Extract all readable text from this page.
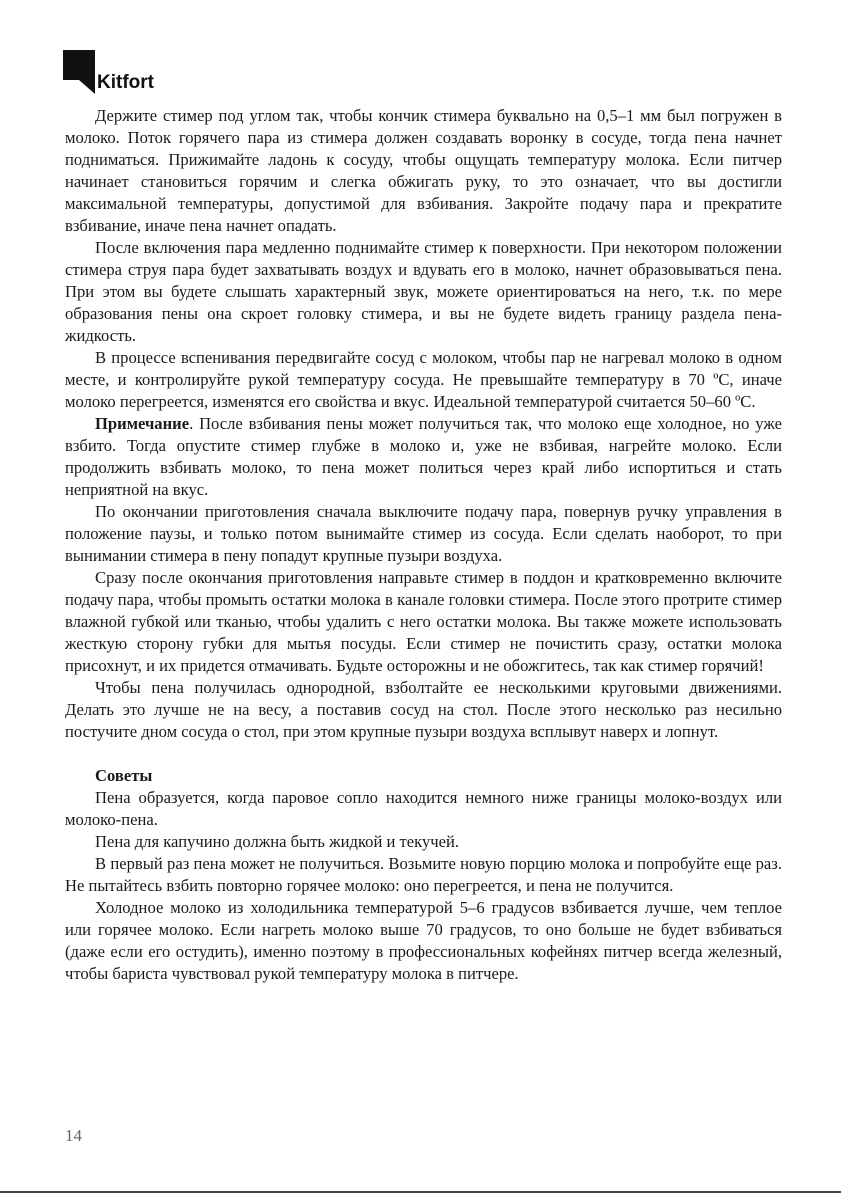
Kitfort

Держите стимер под углом так, чтобы кончик стимера буквально на 0,5–1 мм был погружен в молоко. Поток горячего пара из стимера должен создавать воронку в сосуде, тогда пена начнет подниматься. Прижимайте ладонь к сосуду, чтобы ощущать температуру молока. Если питчер начинает становиться горячим и слегка обжигать руку, то это означает, что вы достигли максимальной температуры, допустимой для взбивания. Закройте подачу пара и прекратите взбивание, иначе пена начнет опадать.

После включения пара медленно поднимайте стимер к поверхности. При некотором положении стимера струя пара будет захватывать воздух и вдувать его в молоко, начнет образовываться пена. При этом вы будете слышать характерный звук, можете ориентироваться на него, т.к. по мере образования пены она скроет головку стимера, и вы не будете видеть границу раздела пена-жидкость.

В процессе вспенивания передвигайте сосуд с молоком, чтобы пар не нагревал молоко в одном месте, и контролируйте рукой температуру сосуда. Не превышайте температуру в 70 ºС, иначе молоко перегреется, изменятся его свойства и вкус. Идеальной температурой считается 50–60 ºС.

Примечание. После взбивания пены может получиться так, что молоко еще холодное, но уже взбито. Тогда опустите стимер глубже в молоко и, уже не взбивая, нагрейте молоко. Если продолжить взбивать молоко, то пена может политься через край либо испортиться и стать неприятной на вкус.

По окончании приготовления сначала выключите подачу пара, повернув ручку управления в положение паузы, и только потом вынимайте стимер из сосуда. Если сделать наоборот, то при вынимании стимера в пену попадут крупные пузыри воздуха.

Сразу после окончания приготовления направьте стимер в поддон и кратковременно включите подачу пара, чтобы промыть остатки молока в канале головки стимера. После этого протрите стимер влажной губкой или тканью, чтобы удалить с него остатки молока. Вы также можете использовать жесткую сторону губки для мытья посуды. Если стимер не почистить сразу, остатки молока присохнут, и их придется отмачивать. Будьте осторожны и не обожгитесь, так как стимер горячий!

Чтобы пена получилась однородной, взболтайте ее несколькими круговыми движениями. Делать это лучше не на весу, а поставив сосуд на стол. После этого несколько раз несильно постучите дном сосуда о стол, при этом крупные пузыри воздуха всплывут наверх и лопнут.

Советы

Пена образуется, когда паровое сопло находится немного ниже границы молоко-воздух или молоко-пена.

Пена для капучино должна быть жидкой и текучей.

В первый раз пена может не получиться. Возьмите новую порцию молока и попробуйте еще раз. Не пытайтесь взбить повторно горячее молоко: оно перегреется, и пена не получится.

Холодное молоко из холодильника температурой 5–6 градусов взбивается лучше, чем теплое или горячее молоко. Если нагреть молоко выше 70 градусов, то оно больше не будет взбиваться (даже если его остудить), именно поэтому в профессиональных кофейнях питчер всегда железный, чтобы бариста чувствовал рукой температуру молока в питчере.

14
